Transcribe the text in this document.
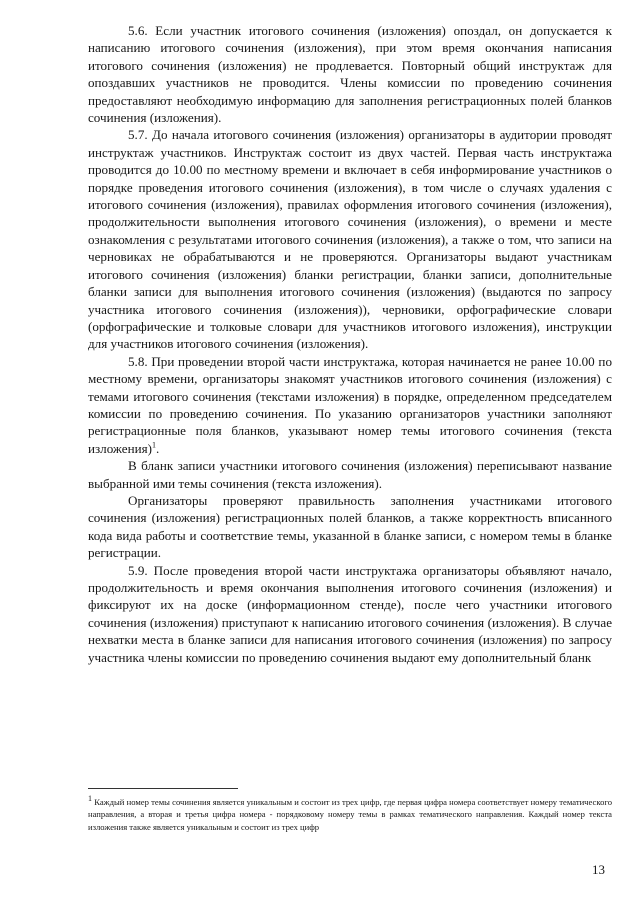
5.6. Если участник итогового сочинения (изложения) опоздал, он допускается к написанию итогового сочинения (изложения), при этом время окончания написания итогового сочинения (изложения) не продлевается. Повторный общий инструктаж для опоздавших участников не проводится. Члены комиссии по проведению сочинения предоставляют необходимую информацию для заполнения регистрационных полей бланков сочинения (изложения).

5.7. До начала итогового сочинения (изложения) организаторы в аудитории проводят инструктаж участников. Инструктаж состоит из двух частей. Первая часть инструктажа проводится до 10.00 по местному времени и включает в себя информирование участников о порядке проведения итогового сочинения (изложения), в том числе о случаях удаления с итогового сочинения (изложения), правилах оформления итогового сочинения (изложения), продолжительности выполнения итогового сочинения (изложения), о времени и месте ознакомления с результатами итогового сочинения (изложения), а также о том, что записи на черновиках не обрабатываются и не проверяются. Организаторы выдают участникам итогового сочинения (изложения) бланки регистрации, бланки записи, дополнительные бланки записи для выполнения итогового сочинения (изложения) (выдаются по запросу участника итогового сочинения (изложения)), черновики, орфографические словари (орфографические и толковые словари для участников итогового изложения), инструкции для участников итогового сочинения (изложения).

5.8. При проведении второй части инструктажа, которая начинается не ранее 10.00 по местному времени, организаторы знакомят участников итогового сочинения (изложения) с темами итогового сочинения (текстами изложения) в порядке, определенном председателем комиссии по проведению сочинения. По указанию организаторов участники заполняют регистрационные поля бланков, указывают номер темы итогового сочинения (текста изложения)$^1$.

В бланк записи участники итогового сочинения (изложения) переписывают название выбранной ими темы сочинения (текста изложения).

Организаторы проверяют правильность заполнения участниками итогового сочинения (изложения) регистрационных полей бланков, а также корректность вписанного кода вида работы и соответствие темы, указанной в бланке записи, с номером темы в бланке регистрации.

5.9. После проведения второй части инструктажа организаторы объявляют начало, продолжительность и время окончания выполнения итогового сочинения (изложения) и фиксируют их на доске (информационном стенде), после чего участники итогового сочинения (изложения) приступают к написанию итогового сочинения (изложения). В случае нехватки места в бланке записи для написания итогового сочинения (изложения) по запросу участника члены комиссии по проведению сочинения выдают ему дополнительный бланк

$^1$ Каждый номер темы сочинения является уникальным и состоит из трех цифр, где первая цифра номера соответствует номеру тематического направления, а вторая и третья цифра номера - порядковому номеру темы в рамках тематического направления. Каждый номер текста изложения также является уникальным и состоит из трех цифр

13
